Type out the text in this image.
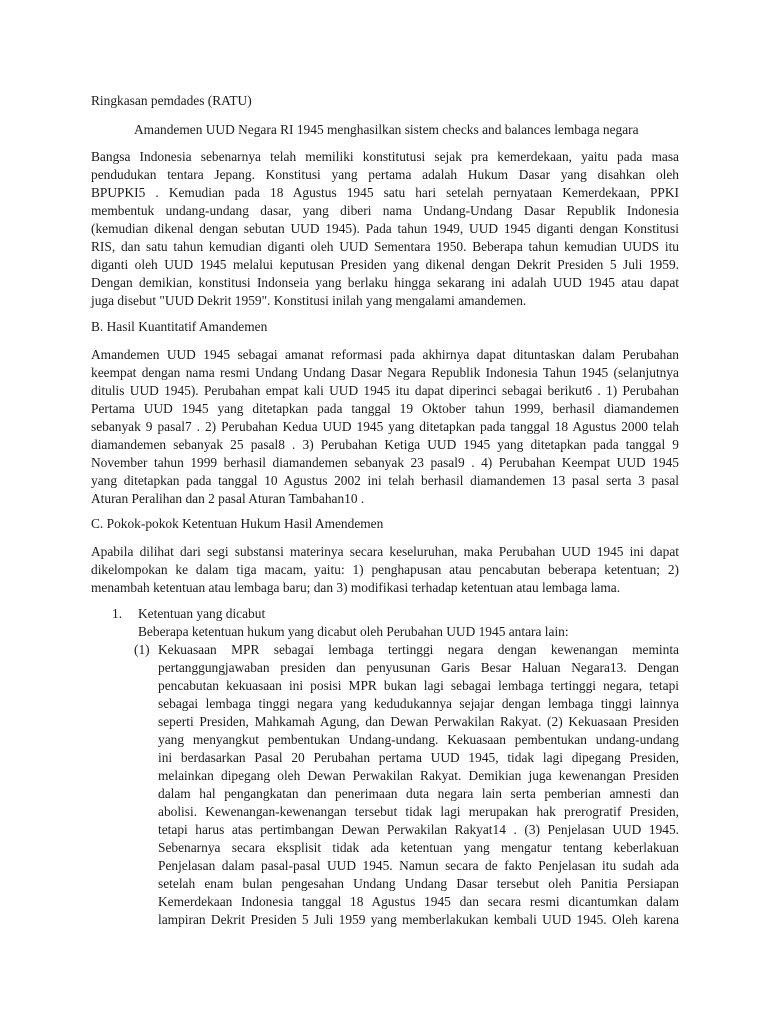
Ringkasan pemdades (RATU)
Amandemen UUD Negara RI 1945 menghasilkan sistem checks and balances lembaga negara
Bangsa Indonesia sebenarnya telah memiliki konstitutusi sejak pra kemerdekaan, yaitu pada masa
pendudukan tentara Jepang. Konstitusi yang pertama adalah Hukum Dasar yang disahkan oleh
BPUPKI5 . Kemudian pada 18 Agustus 1945 satu hari setelah pernyataan Kemerdekaan, PPKI
membentuk undang-undang dasar, yang diberi nama Undang-Undang Dasar Republik Indonesia
(kemudian dikenal dengan sebutan UUD 1945). Pada tahun 1949, UUD 1945 diganti dengan Konstitusi
RIS, dan satu tahun kemudian diganti oleh UUD Sementara 1950. Beberapa tahun kemudian UUDS itu
diganti oleh UUD 1945 melalui keputusan Presiden yang dikenal dengan Dekrit Presiden 5 Juli 1959.
Dengan demikian, konstitusi Indonseia yang berlaku hingga sekarang ini adalah UUD 1945 atau dapat
juga disebut "UUD Dekrit 1959". Konstitusi inilah yang mengalami amandemen.
B. Hasil Kuantitatif Amandemen
Amandemen UUD 1945 sebagai amanat reformasi pada akhirnya dapat dituntaskan dalam Perubahan
keempat dengan nama resmi Undang Undang Dasar Negara Republik Indonesia Tahun 1945 (selanjutnya
ditulis UUD 1945). Perubahan empat kali UUD 1945 itu dapat diperinci sebagai berikut6 . 1) Perubahan
Pertama UUD 1945 yang ditetapkan pada tanggal 19 Oktober tahun 1999, berhasil diamandemen
sebanyak 9 pasal7 . 2) Perubahan Kedua UUD 1945 yang ditetapkan pada tanggal 18 Agustus 2000 telah
diamandemen sebanyak 25 pasal8 . 3) Perubahan Ketiga UUD 1945 yang ditetapkan pada tanggal 9
November tahun 1999 berhasil diamandemen sebanyak 23 pasal9 . 4) Perubahan Keempat UUD 1945
yang ditetapkan pada tanggal 10 Agustus 2002 ini telah berhasil diamandemen 13 pasal serta 3 pasal
Aturan Peralihan dan 2 pasal Aturan Tambahan10 .
C. Pokok-pokok Ketentuan Hukum Hasil Amendemen
Apabila dilihat dari segi substansi materinya secara keseluruhan, maka Perubahan UUD 1945 ini dapat
dikelompokan ke dalam tiga macam, yaitu: 1) penghapusan atau pencabutan beberapa ketentuan; 2)
menambah ketentuan atau lembaga baru; dan 3) modifikasi terhadap ketentuan atau lembaga lama.
1. Ketentuan yang dicabut
Beberapa ketentuan hukum yang dicabut oleh Perubahan UUD 1945 antara lain:
(1) Kekuasaan MPR sebagai lembaga tertinggi negara dengan kewenangan meminta
pertanggungjawaban presiden dan penyusunan Garis Besar Haluan Negara13. Dengan
pencabutan kekuasaan ini posisi MPR bukan lagi sebagai lembaga tertinggi negara, tetapi
sebagai lembaga tinggi negara yang kedudukannya sejajar dengan lembaga tinggi lainnya
seperti Presiden, Mahkamah Agung, dan Dewan Perwakilan Rakyat. (2) Kekuasaan Presiden
yang menyangkut pembentukan Undang-undang. Kekuasaan pembentukan undang-undang
ini berdasarkan Pasal 20 Perubahan pertama UUD 1945, tidak lagi dipegang Presiden,
melainkan dipegang oleh Dewan Perwakilan Rakyat. Demikian juga kewenangan Presiden
dalam hal pengangkatan dan penerimaan duta negara lain serta pemberian amnesti dan
abolisi. Kewenangan-kewenangan tersebut tidak lagi merupakan hak prerogratif Presiden,
tetapi harus atas pertimbangan Dewan Perwakilan Rakyat14 . (3) Penjelasan UUD 1945.
Sebenarnya secara eksplisit tidak ada ketentuan yang mengatur tentang keberlakuan
Penjelasan dalam pasal-pasal UUD 1945. Namun secara de fakto Penjelasan itu sudah ada
setelah enam bulan pengesahan Undang Undang Dasar tersebut oleh Panitia Persiapan
Kemerdekaan Indonesia tanggal 18 Agustus 1945 dan secara resmi dicantumkan dalam
lampiran Dekrit Presiden 5 Juli 1959 yang memberlakukan kembali UUD 1945. Oleh karena
